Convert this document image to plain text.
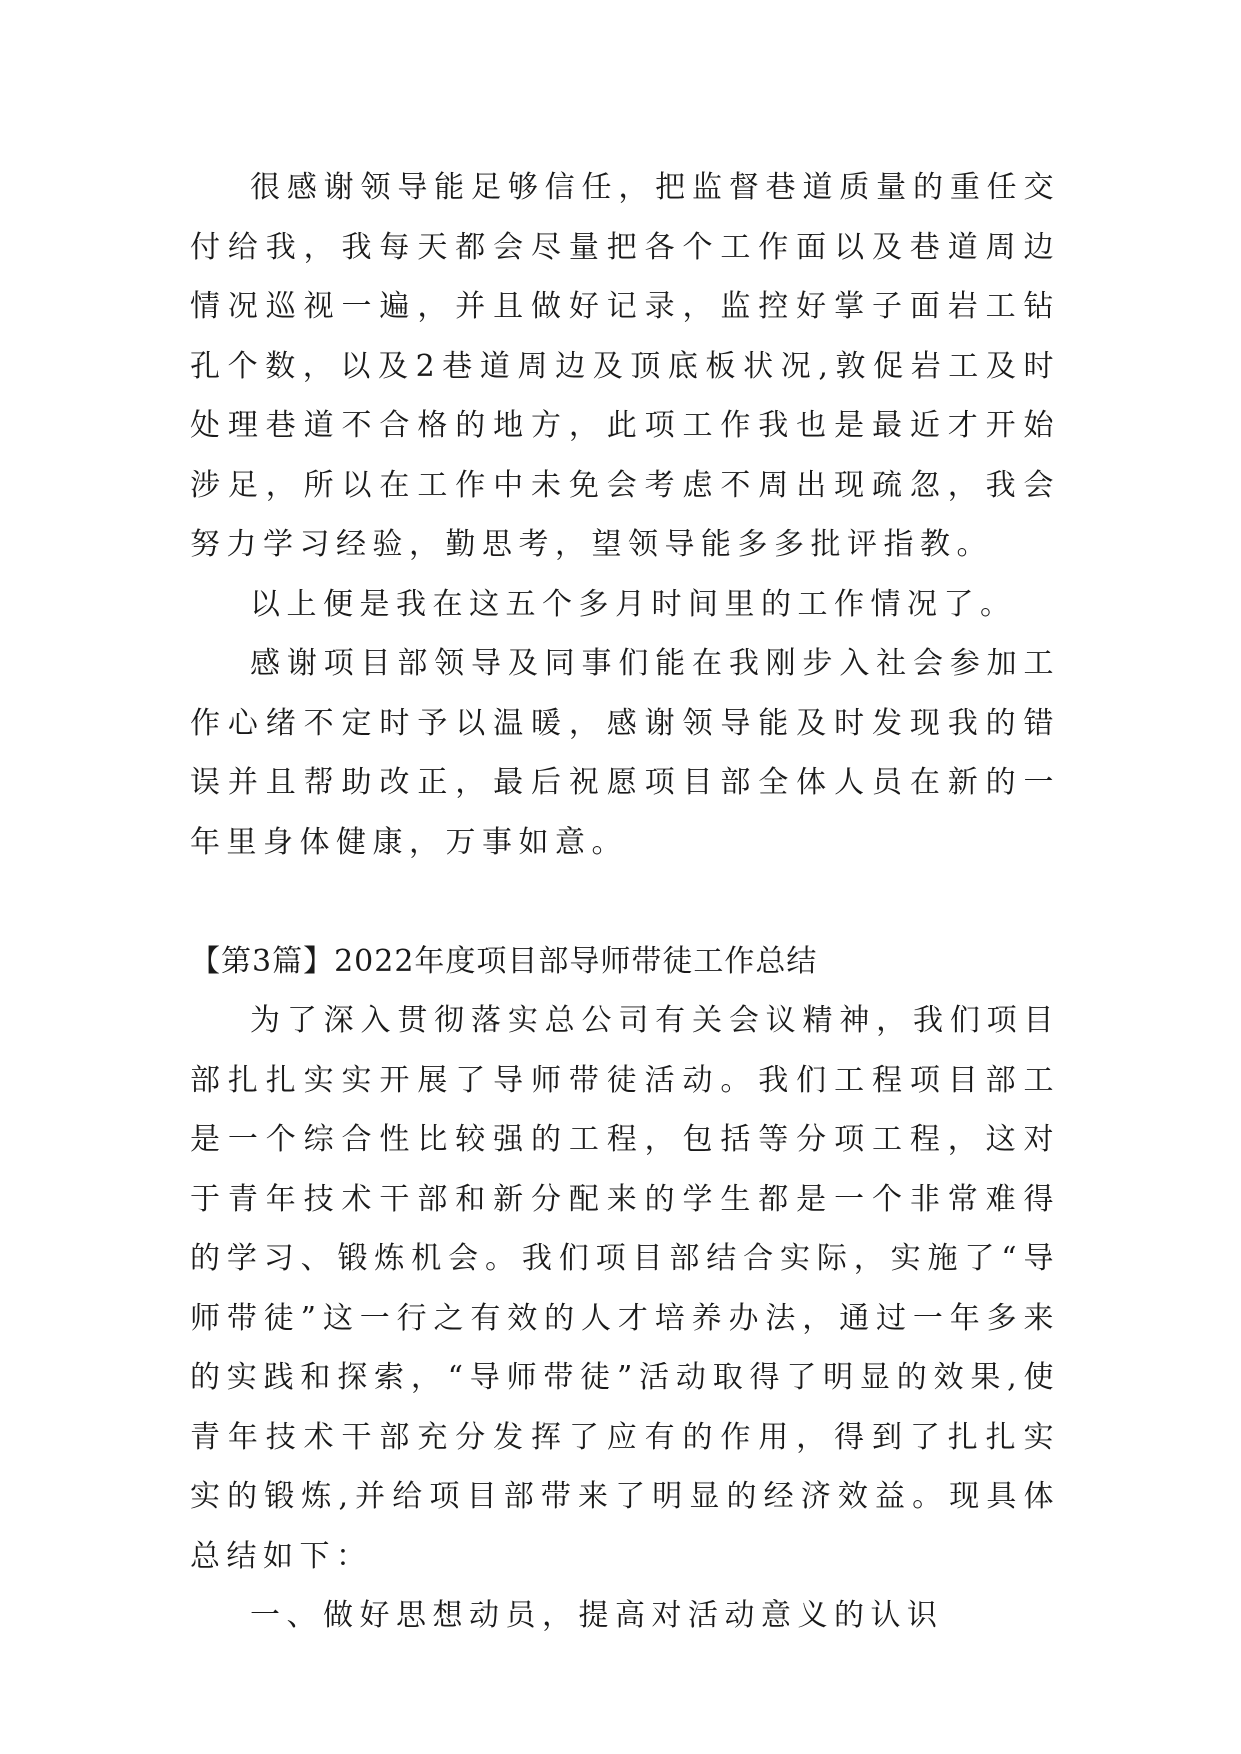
很感谢领导能足够信任，把监督巷道质量的重任交付给我，我每天都会尽量把各个工作面以及巷道周边情况巡视一遍，并且做好记录，监控好掌子面岩工钻孔个数，以及2巷道周边及顶底板状况,敦促岩工及时处理巷道不合格的地方，此项工作我也是最近才开始涉足，所以在工作中未免会考虑不周出现疏忽，我会努力学习经验，勤思考，望领导能多多批评指教。

以上便是我在这五个多月时间里的工作情况了。

感谢项目部领导及同事们能在我刚步入社会参加工作心绪不定时予以温暖，感谢领导能及时发现我的错误并且帮助改正，最后祝愿项目部全体人员在新的一年里身体健康，万事如意。

【第3篇】2022年度项目部导师带徒工作总结

为了深入贯彻落实总公司有关会议精神，我们项目部扎扎实实开展了导师带徒活动。我们工程项目部工是一个综合性比较强的工程，包括等分项工程，这对于青年技术干部和新分配来的学生都是一个非常难得的学习、锻炼机会。我们项目部结合实际，实施了“导师带徒”这一行之有效的人才培养办法，通过一年多来的实践和探索，“导师带徒”活动取得了明显的效果,使青年技术干部充分发挥了应有的作用，得到了扎扎实实的锻炼,并给项目部带来了明显的经济效益。现具体总结如下：

一、做好思想动员，提高对活动意义的认识
